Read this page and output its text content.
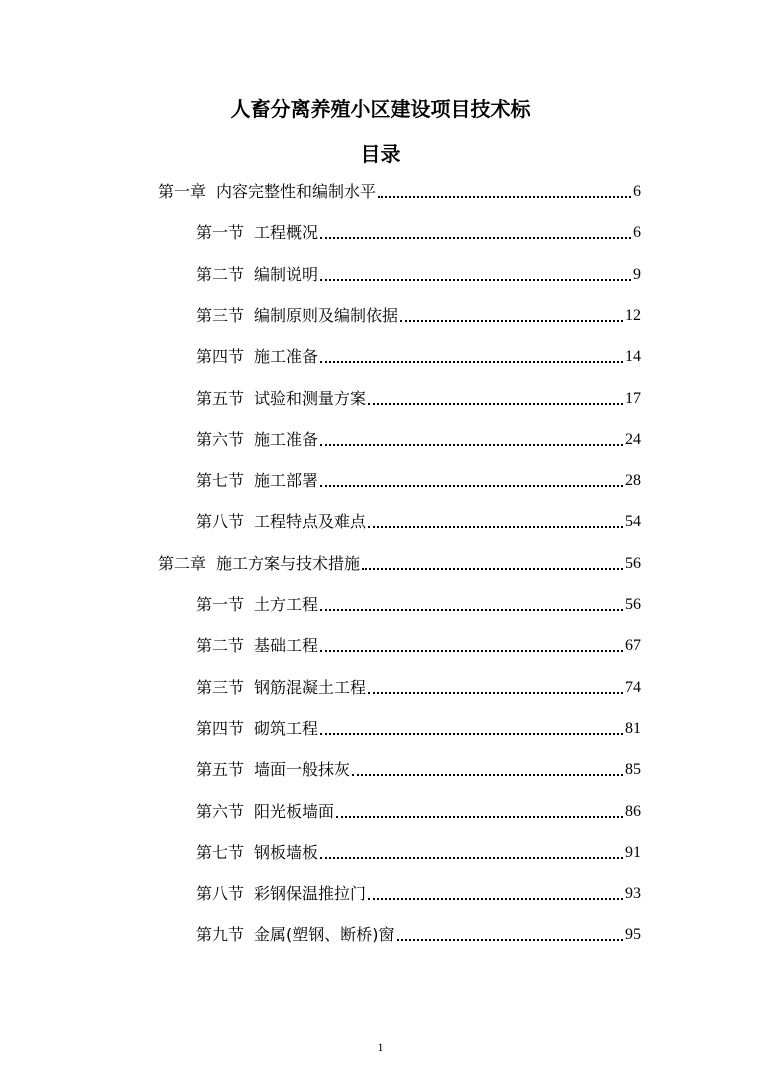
人畜分离养殖小区建设项目技术标
目录
第一章 内容完整性和编制水平	6
第一节 工程概况	6
第二节 编制说明	9
第三节 编制原则及编制依据	12
第四节 施工准备	14
第五节 试验和测量方案	17
第六节 施工准备	24
第七节 施工部署	28
第八节 工程特点及难点	54
第二章 施工方案与技术措施	56
第一节 土方工程	56
第二节 基础工程	67
第三节 钢筋混凝土工程	74
第四节 砌筑工程	81
第五节 墙面一般抹灰	85
第六节 阳光板墙面	86
第七节 钢板墙板	91
第八节 彩钢保温推拉门	93
第九节 金属(塑钢、断桥)窗	95
1
